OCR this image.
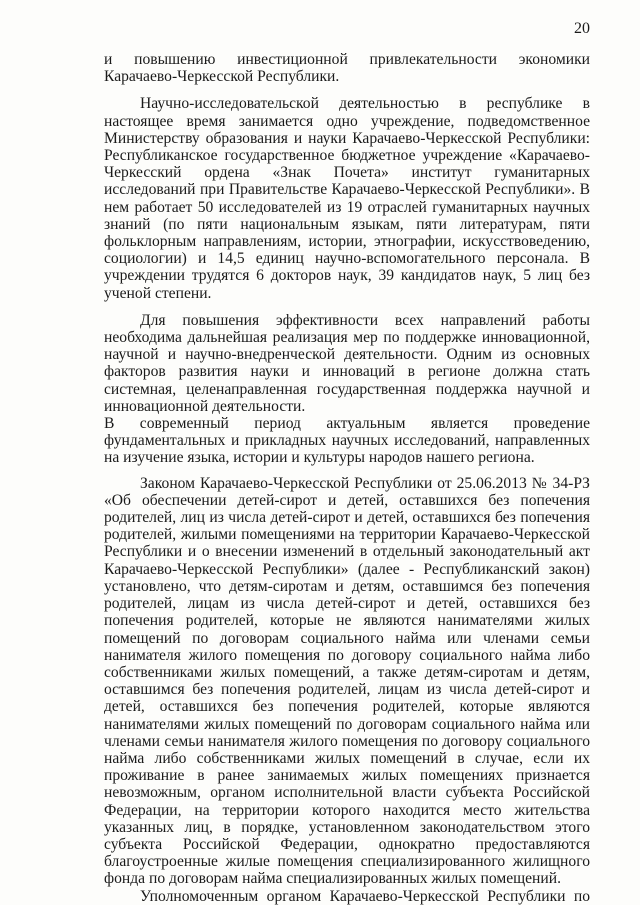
20

и повышению инвестиционной привлекательности экономики Карачаево-Черкесской Республики.

Научно-исследовательской деятельностью в республике в настоящее время занимается одно учреждение, подведомственное Министерству образования и науки Карачаево-Черкесской Республики: Республиканское государственное бюджетное учреждение «Карачаево-Черкесский ордена «Знак Почета» институт гуманитарных исследований при Правительстве Карачаево-Черкесской Республики». В нем работает 50 исследователей из 19 отраслей гуманитарных научных знаний (по пяти национальным языкам, пяти литературам, пяти фольклорным направлениям, истории, этнографии, искусствоведению, социологии) и 14,5 единиц научно-вспомогательного персонала. В учреждении трудятся 6 докторов наук, 39 кандидатов наук, 5 лиц без ученой степени.

Для повышения эффективности всех направлений работы необходима дальнейшая реализация мер по поддержке инновационной, научной и научно-внедренческой деятельности. Одним из основных факторов развития науки и инноваций в регионе должна стать системная, целенаправленная государственная поддержка научной и инновационной деятельности.

В современный период актуальным является проведение фундаментальных и прикладных научных исследований, направленных на изучение языка, истории и культуры народов нашего региона.

Законом Карачаево-Черкесской Республики от 25.06.2013 № 34-РЗ «Об обеспечении детей-сирот и детей, оставшихся без попечения родителей, лиц из числа детей-сирот и детей, оставшихся без попечения родителей, жилыми помещениями на территории Карачаево-Черкесской Республики и о внесении изменений в отдельный законодательный акт Карачаево-Черкесской Республики» (далее - Республиканский закон) установлено, что детям-сиротам и детям, оставшимся без попечения родителей, лицам из числа детей-сирот и детей, оставшихся без попечения родителей, которые не являются нанимателями жилых помещений по договорам социального найма или членами семьи нанимателя жилого помещения по договору социального найма либо собственниками жилых помещений, а также детям-сиротам и детям, оставшимся без попечения родителей, лицам из числа детей-сирот и детей, оставшихся без попечения родителей, которые являются нанимателями жилых помещений по договорам социального найма или членами семьи нанимателя жилого помещения по договору социального найма либо собственниками жилых помещений в случае, если их проживание в ранее занимаемых жилых помещениях признается невозможным, органом исполнительной власти субъекта Российской Федерации, на территории которого находится место жительства указанных лиц, в порядке, установленном законодательством этого субъекта Российской Федерации, однократно предоставляются благоустроенные жилые помещения специализированного жилищного фонда по договорам найма специализированных жилых помещений.

Уполномоченным органом Карачаево-Черкесской Республики по
